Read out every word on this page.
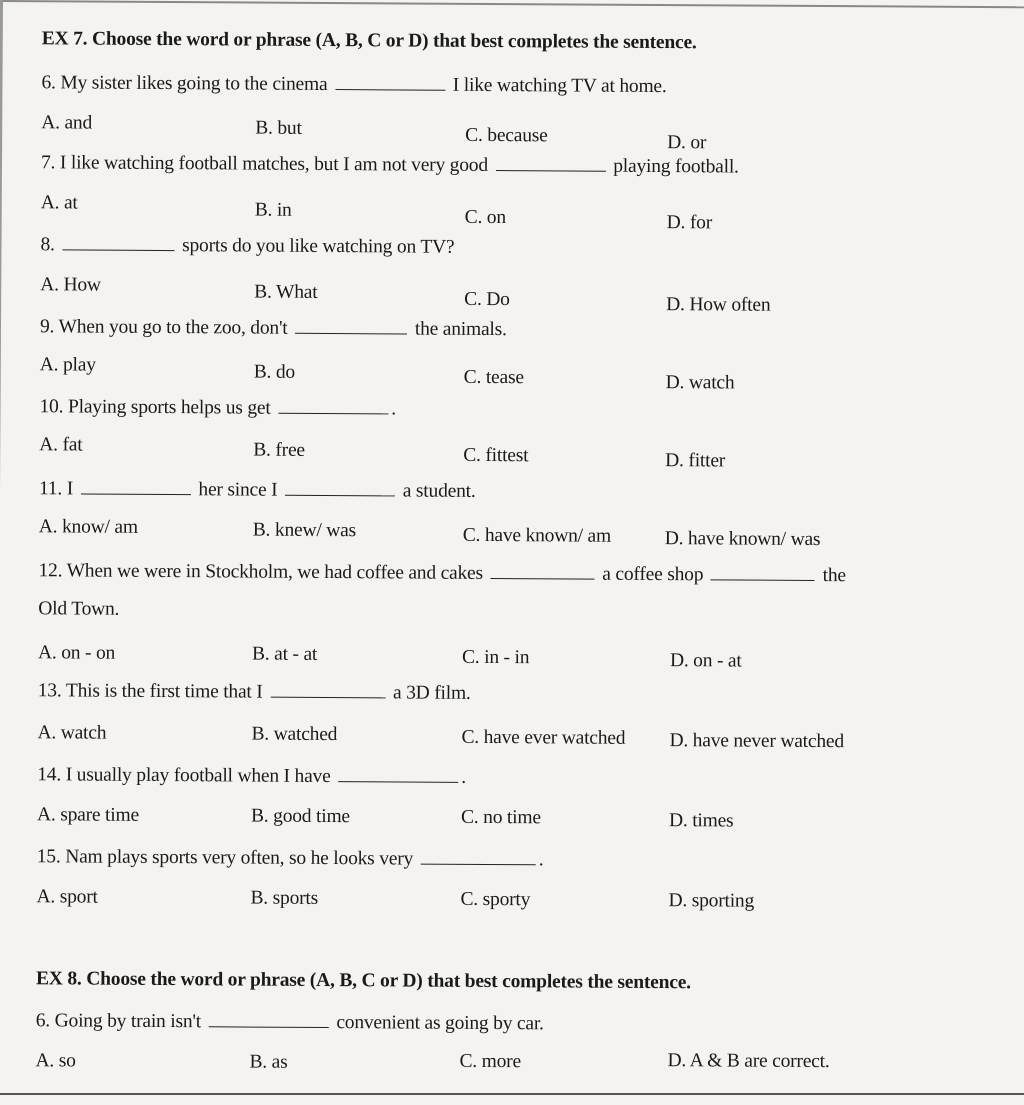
EX 7. Choose the word or phrase (A, B, C or D) that best completes the sentence.
6. My sister likes going to the cinema	I like watching TV at home.
A. and	B. but	C. because	D. or
7. I like watching football matches, but I am not very good	playing football.
A. at	B. in	C. on	D. for
8.	sports do you like watching on TV?
A. How	B. What	C. Do	D. How often
9. When you go to the zoo, don't	the animals.
A. play	B. do	C. tease	D. watch
10. Playing sports helps us get	.
A. fat	B. free	C. fittest	D. fitter
11. I	her since I	a student.
A. know/ am	B. knew/ was	C. have known/ am	D. have known/ was
12. When we were in Stockholm, we had coffee and cakes	a coffee shop	the
Old Town.
A. on - on	B. at - at	C. in - in	D. on - at
13. This is the first time that I	a 3D film.
A. watch	B. watched	C. have ever watched D. have never watched
14. I usually play football when I have	.
A. spare time	B. good time	C. no time	D. times
15. Nam plays sports very often, so he looks very	.
A. sport	B. sports	C. sporty	D. sporting
EX 8. Choose the word or phrase (A, B, C or D) that best completes the sentence.
6. Going by train isn't	convenient as going by car.
A. so	B. as	C. more	D. A & B are correct.
